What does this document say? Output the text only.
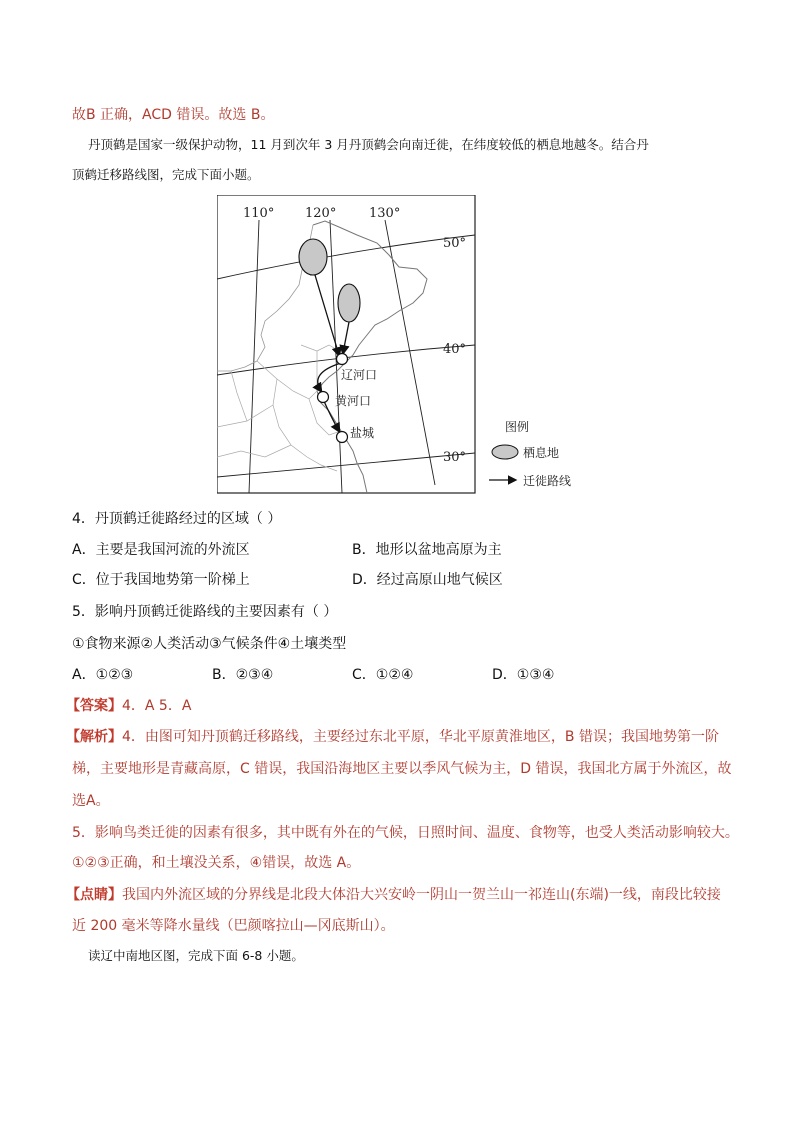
故B 正确，ACD 错误。故选 B。
丹顶鹤是国家一级保护动物，11 月到次年 3 月丹顶鹤会向南迁徙，在纬度较低的栖息地越冬。结合丹
顶鹤迁移路线图，完成下面小题。
110° 120°	130°
50°
40°
30°
辽河口
黄河口
盐城	图例
栖息地
迁徙路线
4．丹顶鹤迁徙路经过的区域（ ）
A．主要是我国河流的外流区	B．地形以盆地高原为主
C．位于我国地势第一阶梯上	D．经过高原山地气候区
5．影响丹顶鹤迁徙路线的主要因素有（ ）
①食物来源②人类活动③气候条件④土壤类型
A．①②③	B．②③④	C．①②④	D．①③④
【答案】4．A 5．A
【解析】4．由图可知丹顶鹤迁移路线，主要经过东北平原，华北平原黄淮地区，B 错误；我国地势第一阶
梯，主要地形是青藏高原，C 错误，我国沿海地区主要以季风气候为主，D 错误，我国北方属于外流区，故
选A。
5．影响鸟类迁徙的因素有很多，其中既有外在的气候，日照时间、温度、食物等，也受人类活动影响较大。
①②③正确，和土壤没关系，④错误，故选 A。
【点睛】我国内外流区域的分界线是北段大体沿大兴安岭一阴山一贺兰山一祁连山(东端)一线，南段比较接
近 200 毫米等降水量线（巴颜喀拉山—冈底斯山）。
读辽中南地区图，完成下面 6-8 小题。
